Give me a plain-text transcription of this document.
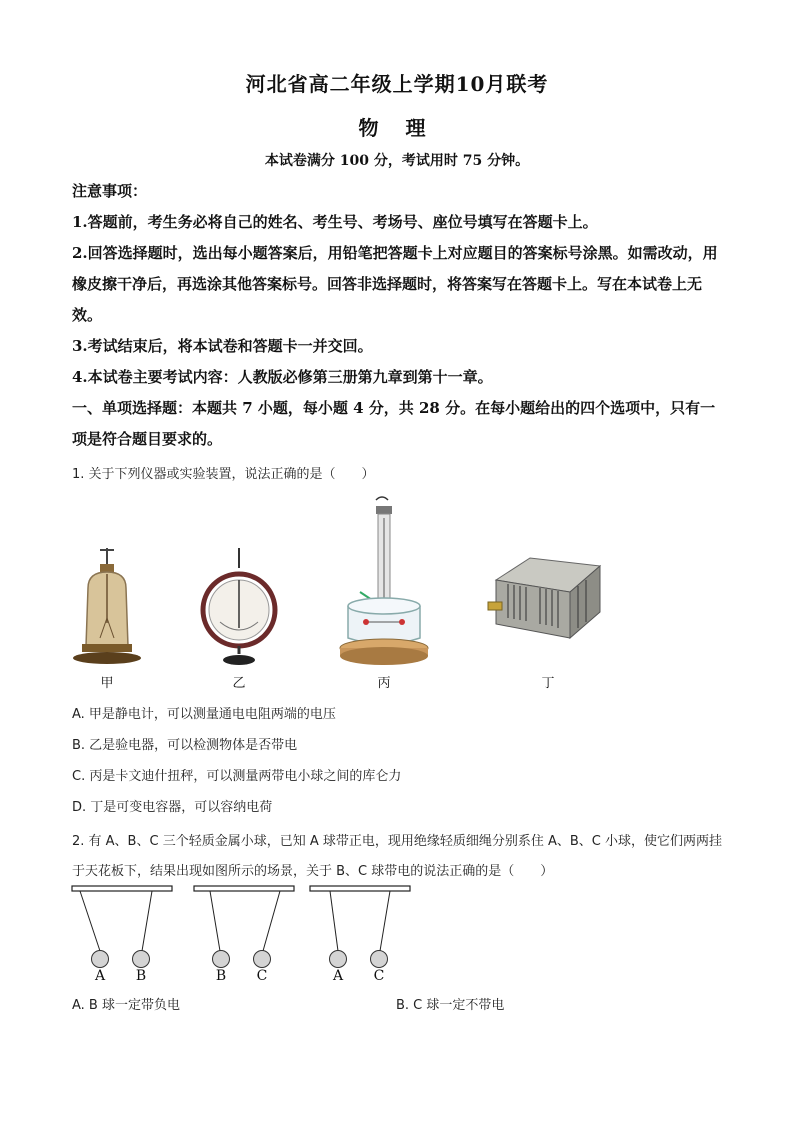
河北省高二年级上学期10月联考
物 理
本试卷满分 100 分，考试用时 75 分钟。
注意事项：
1.答题前，考生务必将自己的姓名、考生号、考场号、座位号填写在答题卡上。
2.回答选择题时，选出每小题答案后，用铅笔把答题卡上对应题目的答案标号涂黑。如需改动，用橡皮擦干净后，再选涂其他答案标号。回答非选择题时，将答案写在答题卡上。写在本试卷上无效。
3.考试结束后，将本试卷和答题卡一并交回。
4.本试卷主要考试内容：人教版必修第三册第九章到第十一章。
一、单项选择题：本题共 7 小题，每小题 4 分，共 28 分。在每小题给出的四个选项中，只有一项是符合题目要求的。
1. 关于下列仪器或实验装置，说法正确的是（　　）
甲	乙	丙	丁
A. 甲是静电计，可以测量通电电阻两端的电压
B. 乙是验电器，可以检测物体是否带电
C. 丙是卡文迪什扭秤，可以测量两带电小球之间的库仑力
D. 丁是可变电容器，可以容纳电荷
2. 有 A、B、C 三个轻质金属小球，已知 A 球带正电，现用绝缘轻质细绳分别系住 A、B、C 小球，使它们两两挂于天花板下，结果出现如图所示的场景，关于 B、C 球带电的说法正确的是（　　）
A	B	B	C	A	C
A. B 球一定带负电	B. C 球一定不带电
